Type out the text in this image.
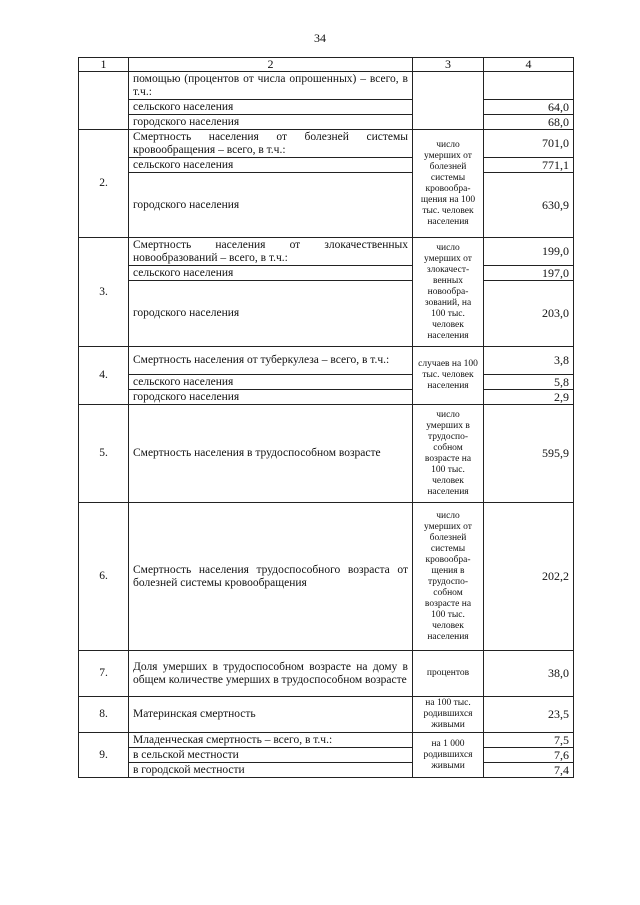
34
1	2	3	4
	помощью (процентов от числа опрошенных) – всего, в т.ч.:		
	сельского населения		64,0
	городского населения		68,0
2.	Смертность населения от болезней системы кровообращения – всего, в т.ч.:	число умерших от болезней системы кровообра-щения на 100 тыс. человек населения	701,0
	сельского населения		771,1
	городского населения		630,9
3.	Смертность населения от злокачественных новообразований – всего, в т.ч.:	число умерших от злокачест-венных новообра-зований, на 100 тыс. человек населения	199,0
	сельского населения		197,0
	городского населения		203,0
4.	Смертность населения от туберкулеза – всего, в т.ч.:	случаев на 100 тыс. человек населения	3,8
	сельского населения		5,8
	городского населения		2,9
5.	Смертность населения в трудоспособном возрасте	число умерших в трудоспо-собном возрасте на 100 тыс. человек населения	595,9
6.	Смертность населения трудоспособного возраста от болезней системы кровообращения	число умерших от болезней системы кровообра-щения в трудоспо-собном возрасте на 100 тыс. человек населения	202,2
7.	Доля умерших в трудоспособном возрасте на дому в общем количестве умерших в трудоспособном возрасте	процентов	38,0
8.	Материнская смертность	на 100 тыс. родившихся живыми	23,5
9.	Младенческая смертность – всего, в т.ч.:	на 1 000 родившихся живыми	7,5
	в сельской местности		7,6
	в городской местности		7,4
